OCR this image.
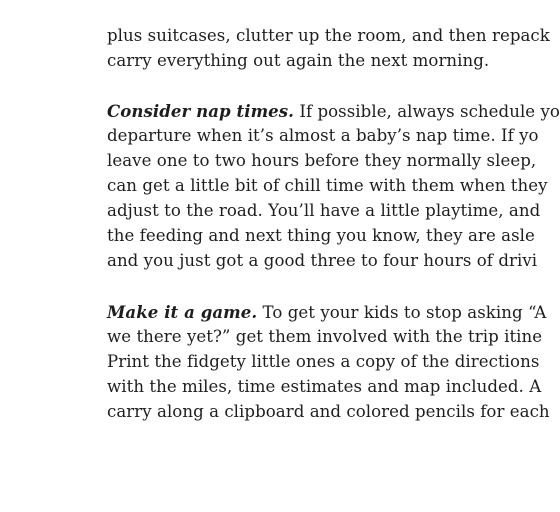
plus suitcases, clutter up the room, and then repack
carry everything out again the next morning.
Consider nap times. If possible, always schedule yo
departure when it’s almost a baby’s nap time. If yo
leave one to two hours before they normally sleep,
can get a little bit of chill time with them when they
adjust to the road. You’ll have a little playtime, and
the feeding and next thing you know, they are asle
and you just got a good three to four hours of drivi
Make it a game. To get your kids to stop asking “A
we there yet?” get them involved with the trip itine
Print the fidgety little ones a copy of the directions
with the miles, time estimates and map included. A
carry along a clipboard and colored pencils for each
